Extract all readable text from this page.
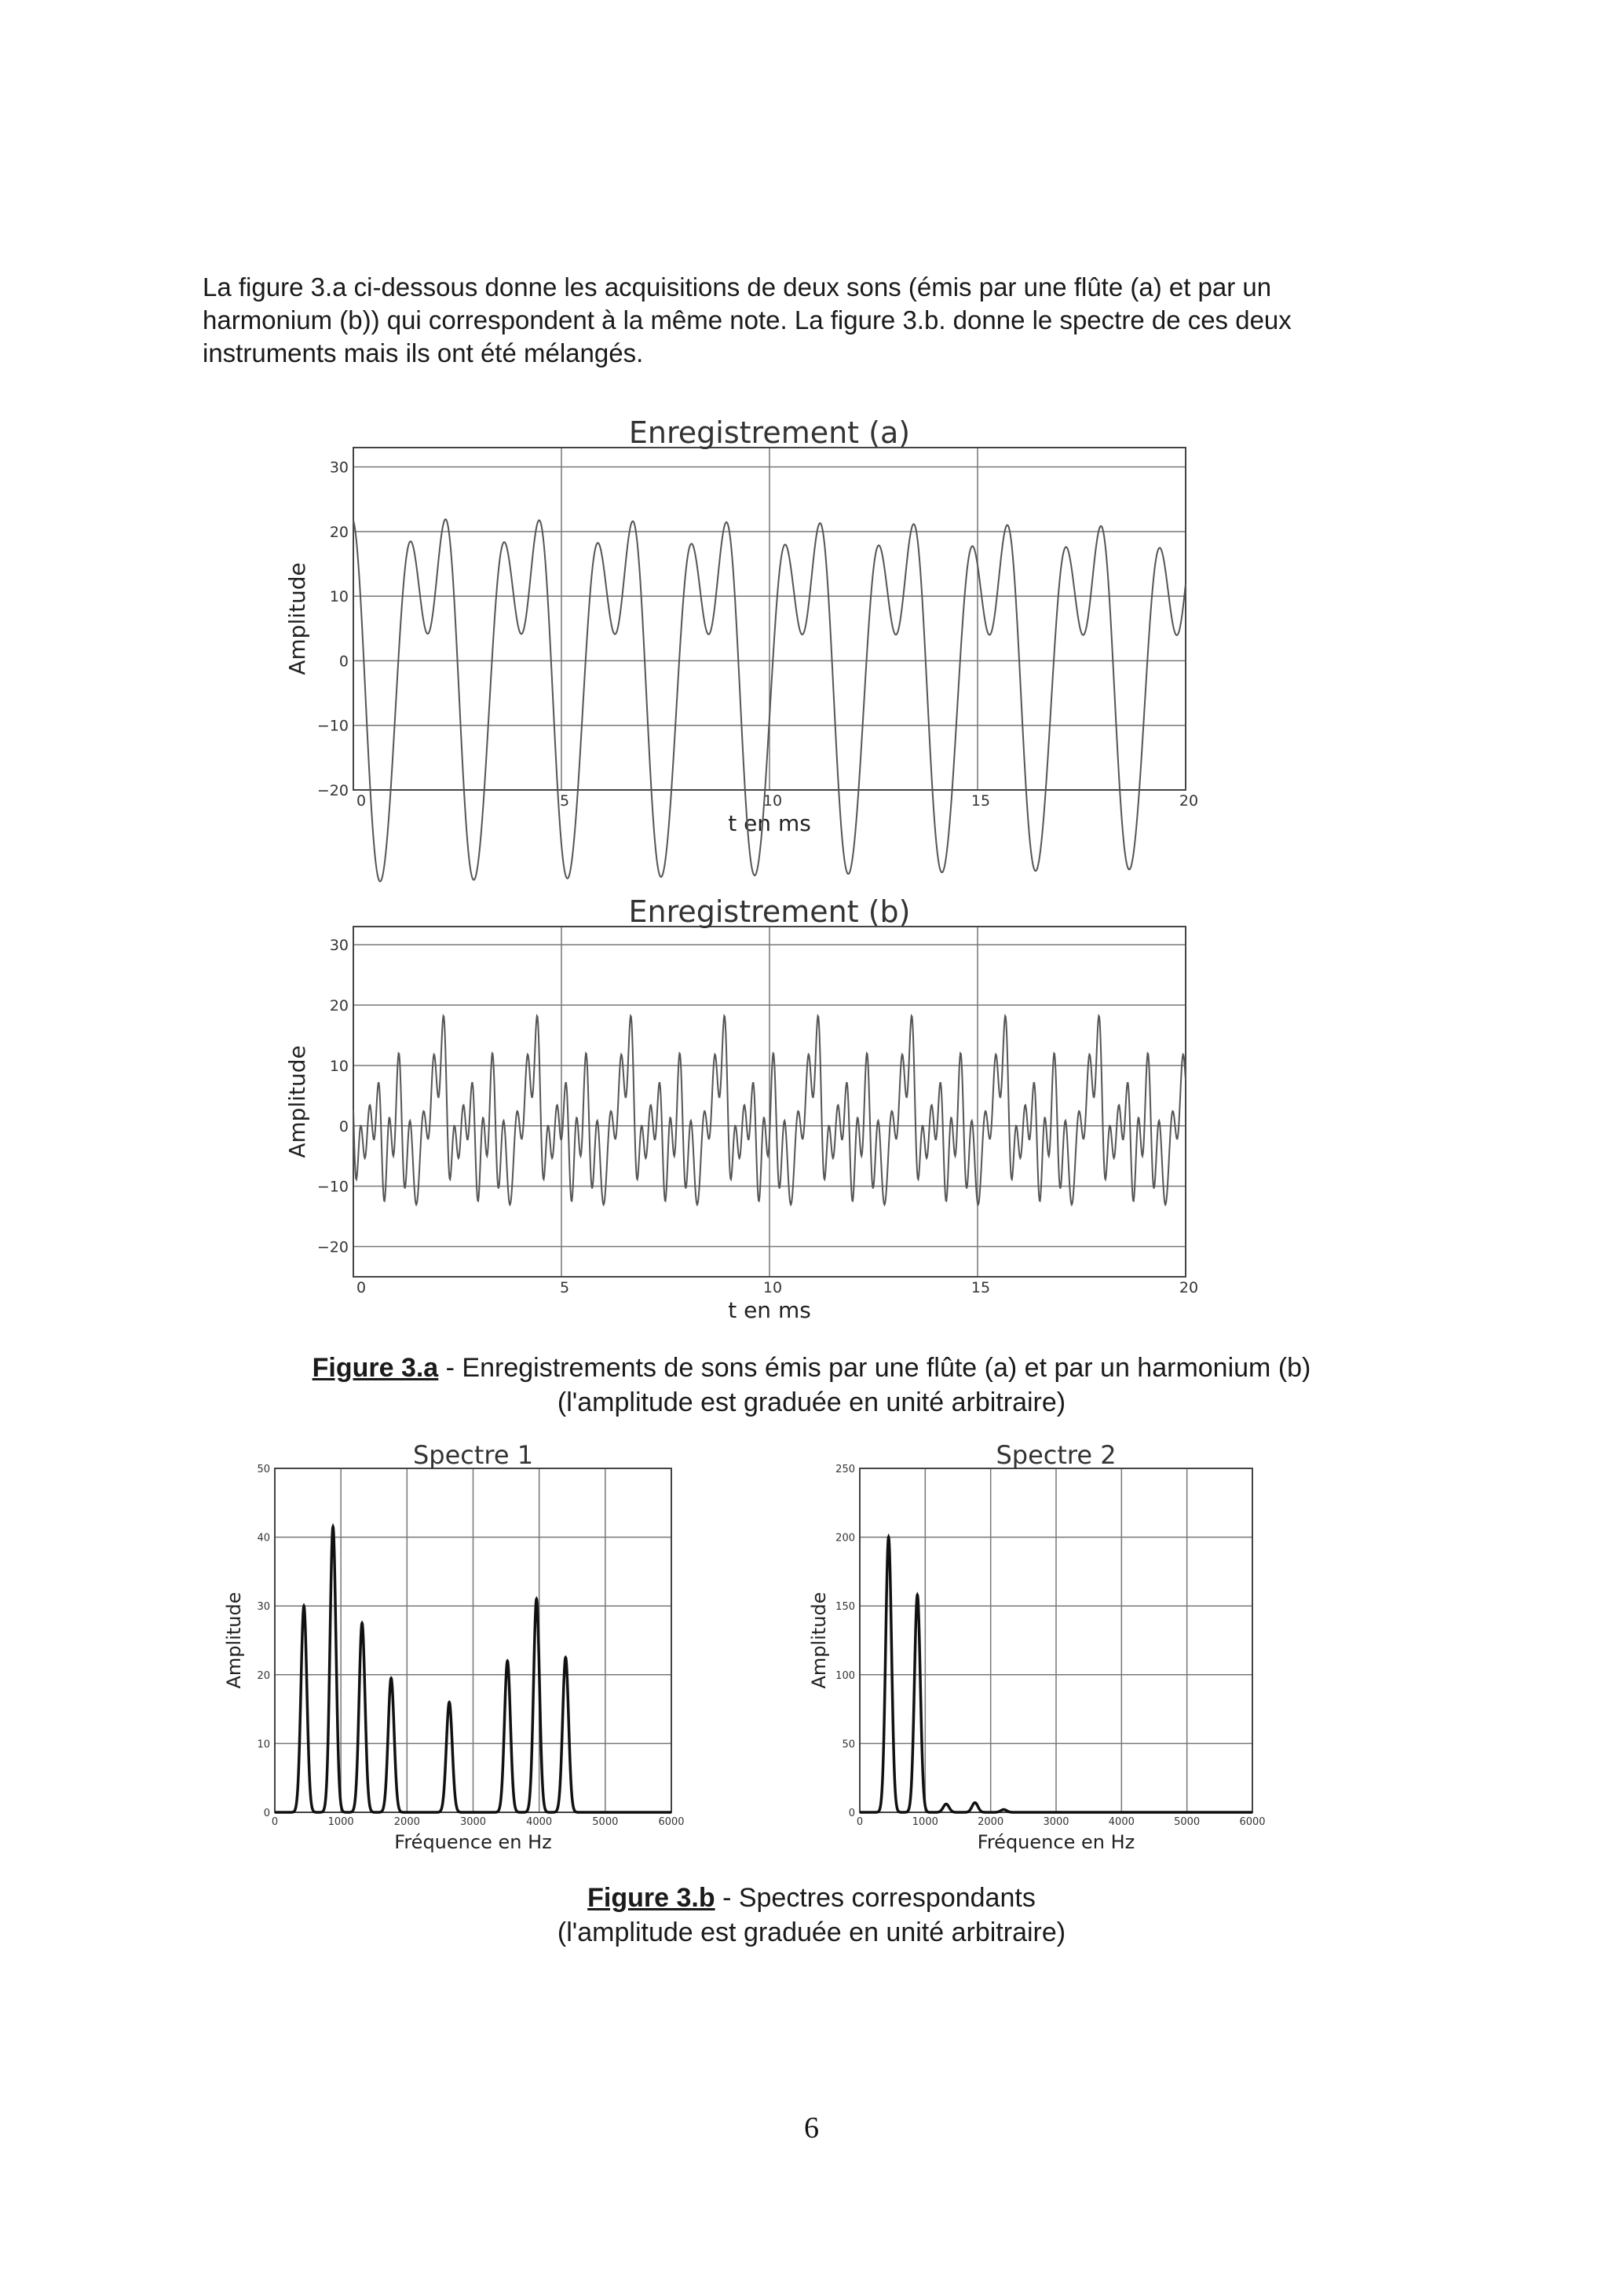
La figure 3.a ci-dessous donne les acquisitions de deux sons (émis par une flûte (a) et par un

harmonium (b)) qui correspondent à la même note. La figure 3.b. donne le spectre de ces deux

instruments mais ils ont été mélangés.

0	5	10	15	20
−20
−10
0
10
20
30
Enregistrement (a)
t en ms
Amplitude
0	5	10	15	20
−20
−10
0
10
20
30
Enregistrement (b)
t en ms
Amplitude
Figure 3.a - Enregistrements de sons émis par une flûte (a) et par un harmonium (b)
(l'amplitude est graduée en unité arbitraire)
0	1000	2000	3000	4000	5000	6000
0
10
20
30
40
50	Spectre 1
Fréquence en Hz
Amplitude
0	1000	2000	3000	4000	5000	6000
0
50
100
150
200
250	Spectre 2
Fréquence en Hz
Amplitude
Figure 3.b - Spectres correspondants
(l'amplitude est graduée en unité arbitraire)
6
